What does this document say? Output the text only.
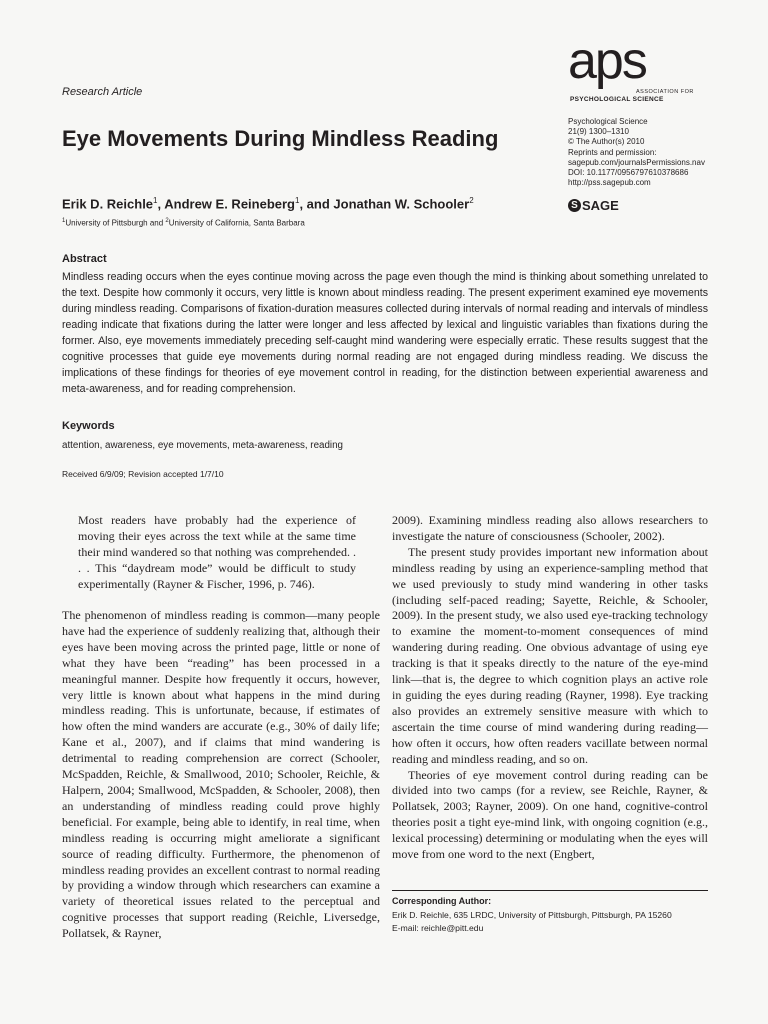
Research Article
aps
ASSOCIATION FOR
PSYCHOLOGICAL SCIENCE
Psychological Science
21(9) 1300–1310
© The Author(s) 2010
Reprints and permission:
sagepub.com/journalsPermissions.nav
DOI: 10.1177/0956797610378686
http://pss.sagepub.com
S SAGE
Eye Movements During Mindless Reading
Erik D. Reichle$^1$, Andrew E. Reineberg$^1$, and Jonathan W. Schooler$^2$
$^1$University of Pittsburgh and $^2$University of California, Santa Barbara
Abstract
Mindless reading occurs when the eyes continue moving across the page even though the mind is thinking about something unrelated to the text. Despite how commonly it occurs, very little is known about mindless reading. The present experiment examined eye movements during mindless reading. Comparisons of fixation-duration measures collected during intervals of normal reading and intervals of mindless reading indicate that fixations during the latter were longer and less affected by lexical and linguistic variables than fixations during the former. Also, eye movements immediately preceding self-caught mind wandering were especially erratic. These results suggest that the cognitive processes that guide eye movements during normal reading are not engaged during mindless reading. We discuss the implications of these findings for theories of eye movement control in reading, for the distinction between experiential awareness and meta-awareness, and for reading comprehension.
Keywords
attention, awareness, eye movements, meta-awareness, reading
Received 6/9/09; Revision accepted 1/7/10
Most readers have probably had the experience of moving their eyes across the text while at the same time their mind wandered so that nothing was comprehended. . . . This “daydream mode” would be difficult to study experimentally (Rayner & Fischer, 1996, p. 746).

The phenomenon of mindless reading is common—many people have had the experience of suddenly realizing that, although their eyes have been moving across the printed page, little or none of what they have been “reading” has been processed in a meaningful manner. Despite how frequently it occurs, however, very little is known about what happens in the mind during mindless reading. This is unfortunate, because, if estimates of how often the mind wanders are accurate (e.g., 30% of daily life; Kane et al., 2007), and if claims that mind wandering is detrimental to reading comprehension are correct (Schooler, McSpadden, Reichle, & Smallwood, 2010; Schooler, Reichle, & Halpern, 2004; Smallwood, McSpadden, & Schooler, 2008), then an understanding of mindless reading could prove highly beneficial. For example, being able to identify, in real time, when mindless reading is occurring might ameliorate a significant source of reading difficulty. Furthermore, the phenomenon of mindless reading provides an excellent contrast to normal reading by providing a window through which researchers can examine a variety of theoretical issues related to the perceptual and cognitive processes that support reading (Reichle, Liversedge, Pollatsek, & Rayner,

2009). Examining mindless reading also allows researchers to investigate the nature of consciousness (Schooler, 2002).

The present study provides important new information about mindless reading by using an experience-sampling method that we used previously to study mind wandering in other tasks (including self-paced reading; Sayette, Reichle, & Schooler, 2009). In the present study, we also used eye-tracking technology to examine the moment-to-moment consequences of mind wandering during reading. One obvious advantage of using eye tracking is that it speaks directly to the nature of the eye-mind link—that is, the degree to which cognition plays an active role in guiding the eyes during reading (Rayner, 1998). Eye tracking also provides an extremely sensitive measure with which to ascertain the time course of mind wandering during reading—how often it occurs, how often readers vacillate between normal reading and mindless reading, and so on.

Theories of eye movement control during reading can be divided into two camps (for a review, see Reichle, Rayner, & Pollatsek, 2003; Rayner, 2009). On one hand, cognitive-control theories posit a tight eye-mind link, with ongoing cognition (e.g., lexical processing) determining or modulating when the eyes will move from one word to the next (Engbert,

Corresponding Author:
Erik D. Reichle, 635 LRDC, University of Pittsburgh, Pittsburgh, PA 15260
E-mail: reichle@pitt.edu
